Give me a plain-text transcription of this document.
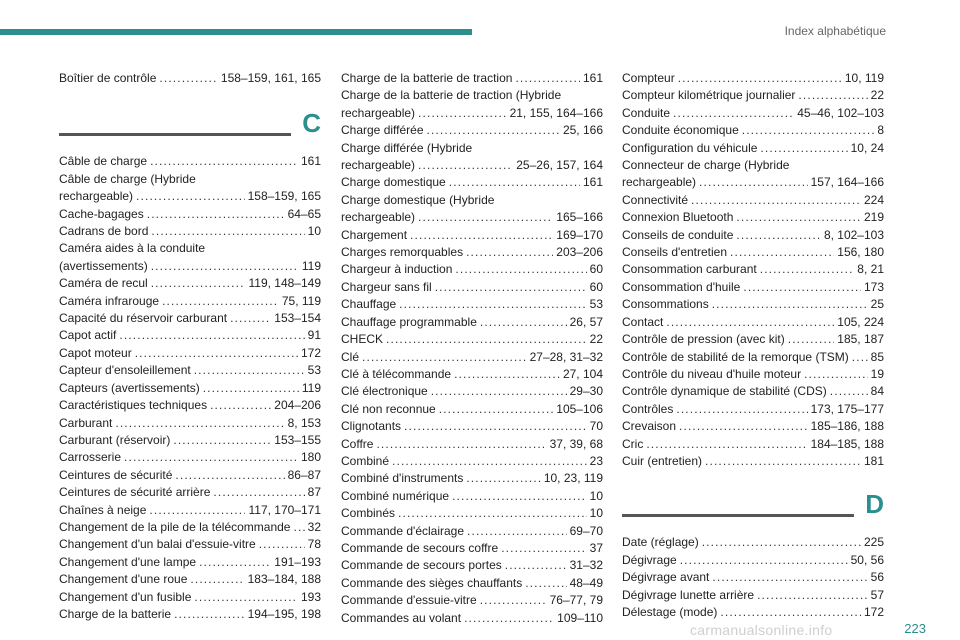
Index alphabétique
Boîtier de contrôle . . .	158–159, 161, 165
C
Câble de charge . . .	161
Câble de charge (Hybride
rechargeable) . . .	158–159, 165
Cache-bagages . . .	64–65
Cadrans de bord . . .	10
Caméra aides à la conduite
(avertissements) . . .	119
Caméra de recul . . .	119, 148–149
Caméra infrarouge . . .	75, 119
Capacité du réservoir carburant . . .	153–154
Capot actif . . .	91
Capot moteur . . .	172
Capteur d'ensoleillement . . .	53
Capteurs (avertissements) . . .	119
Caractéristiques techniques . . .	204–206
Carburant . . .	8, 153
Carburant (réservoir) . . .	153–155
Carrosserie . . .	180
Ceintures de sécurité . . .	86–87
Ceintures de sécurité arrière . . .	87
Chaînes à neige . . .	117, 170–171
Changement de la pile de la télécommande . . . 32
Changement d'un balai d'essuie-vitre . . .	78
Changement d'une lampe . . .	191–193
Changement d'une roue . . .	183–184, 188
Changement d'un fusible . . .	193
Charge de la batterie . . .	194–195, 198
Charge de la batterie de traction . . .	161
Charge de la batterie de traction (Hybride
rechargeable) . . .	21, 155, 164–166
Charge différée . . .	25, 166
Charge différée (Hybride
rechargeable) . . .	25–26, 157, 164
Charge domestique . . .	161
Charge domestique (Hybride
rechargeable) . . .	165–166
Chargement . . .	169–170
Charges remorquables . . .	203–206
Chargeur à induction . . .	60
Chargeur sans fil . . .	60
Chauffage . . .	53
Chauffage programmable . . .	26, 57
CHECK . . .	22
Clé . . .	27–28, 31–32
Clé à télécommande . . .	27, 104
Clé électronique . . .	29–30
Clé non reconnue . . .	105–106
Clignotants . . .	70
Coffre . . .	37, 39, 68
Combiné . . .	23
Combiné d'instruments . . .	10, 23, 119
Combiné numérique . . .	10
Combinés . . .	10
Commande d'éclairage . . .	69–70
Commande de secours coffre . . .	37
Commande de secours portes . . .	31–32
Commande des sièges chauffants . . .	48–49
Commande d'essuie-vitre . . .	76–77, 79
Commandes au volant . . .	109–110
Compteur . . .	10, 119
Compteur kilométrique journalier . . .	22
Conduite . . .	45–46, 102–103
Conduite économique . . .	8
Configuration du véhicule . . .	10, 24
Connecteur de charge (Hybride
rechargeable) . . .	157, 164–166
Connectivité . . .	224
Connexion Bluetooth . . .	219
Conseils de conduite . . .	8, 102–103
Conseils d'entretien . . .	156, 180
Consommation carburant . . .	8, 21
Consommation d'huile . . .	173
Consommations . . .	25
Contact . . .	105, 224
Contrôle de pression (avec kit) . . .	185, 187
Contrôle de stabilité de la remorque (TSM) . . . 85
Contrôle du niveau d'huile moteur . . .	19
Contrôle dynamique de stabilité (CDS) . . .	84
Contrôles . . .	173, 175–177
Crevaison . . .	185–186, 188
Cric . . .	184–185, 188
Cuir (entretien) . . .	181
D
Date (réglage) . . .	225
Dégivrage . . .	50, 56
Dégivrage avant . . .	56
Dégivrage lunette arrière . . .	57
Délestage (mode) . . .	172
carmanualsonline.info	223
